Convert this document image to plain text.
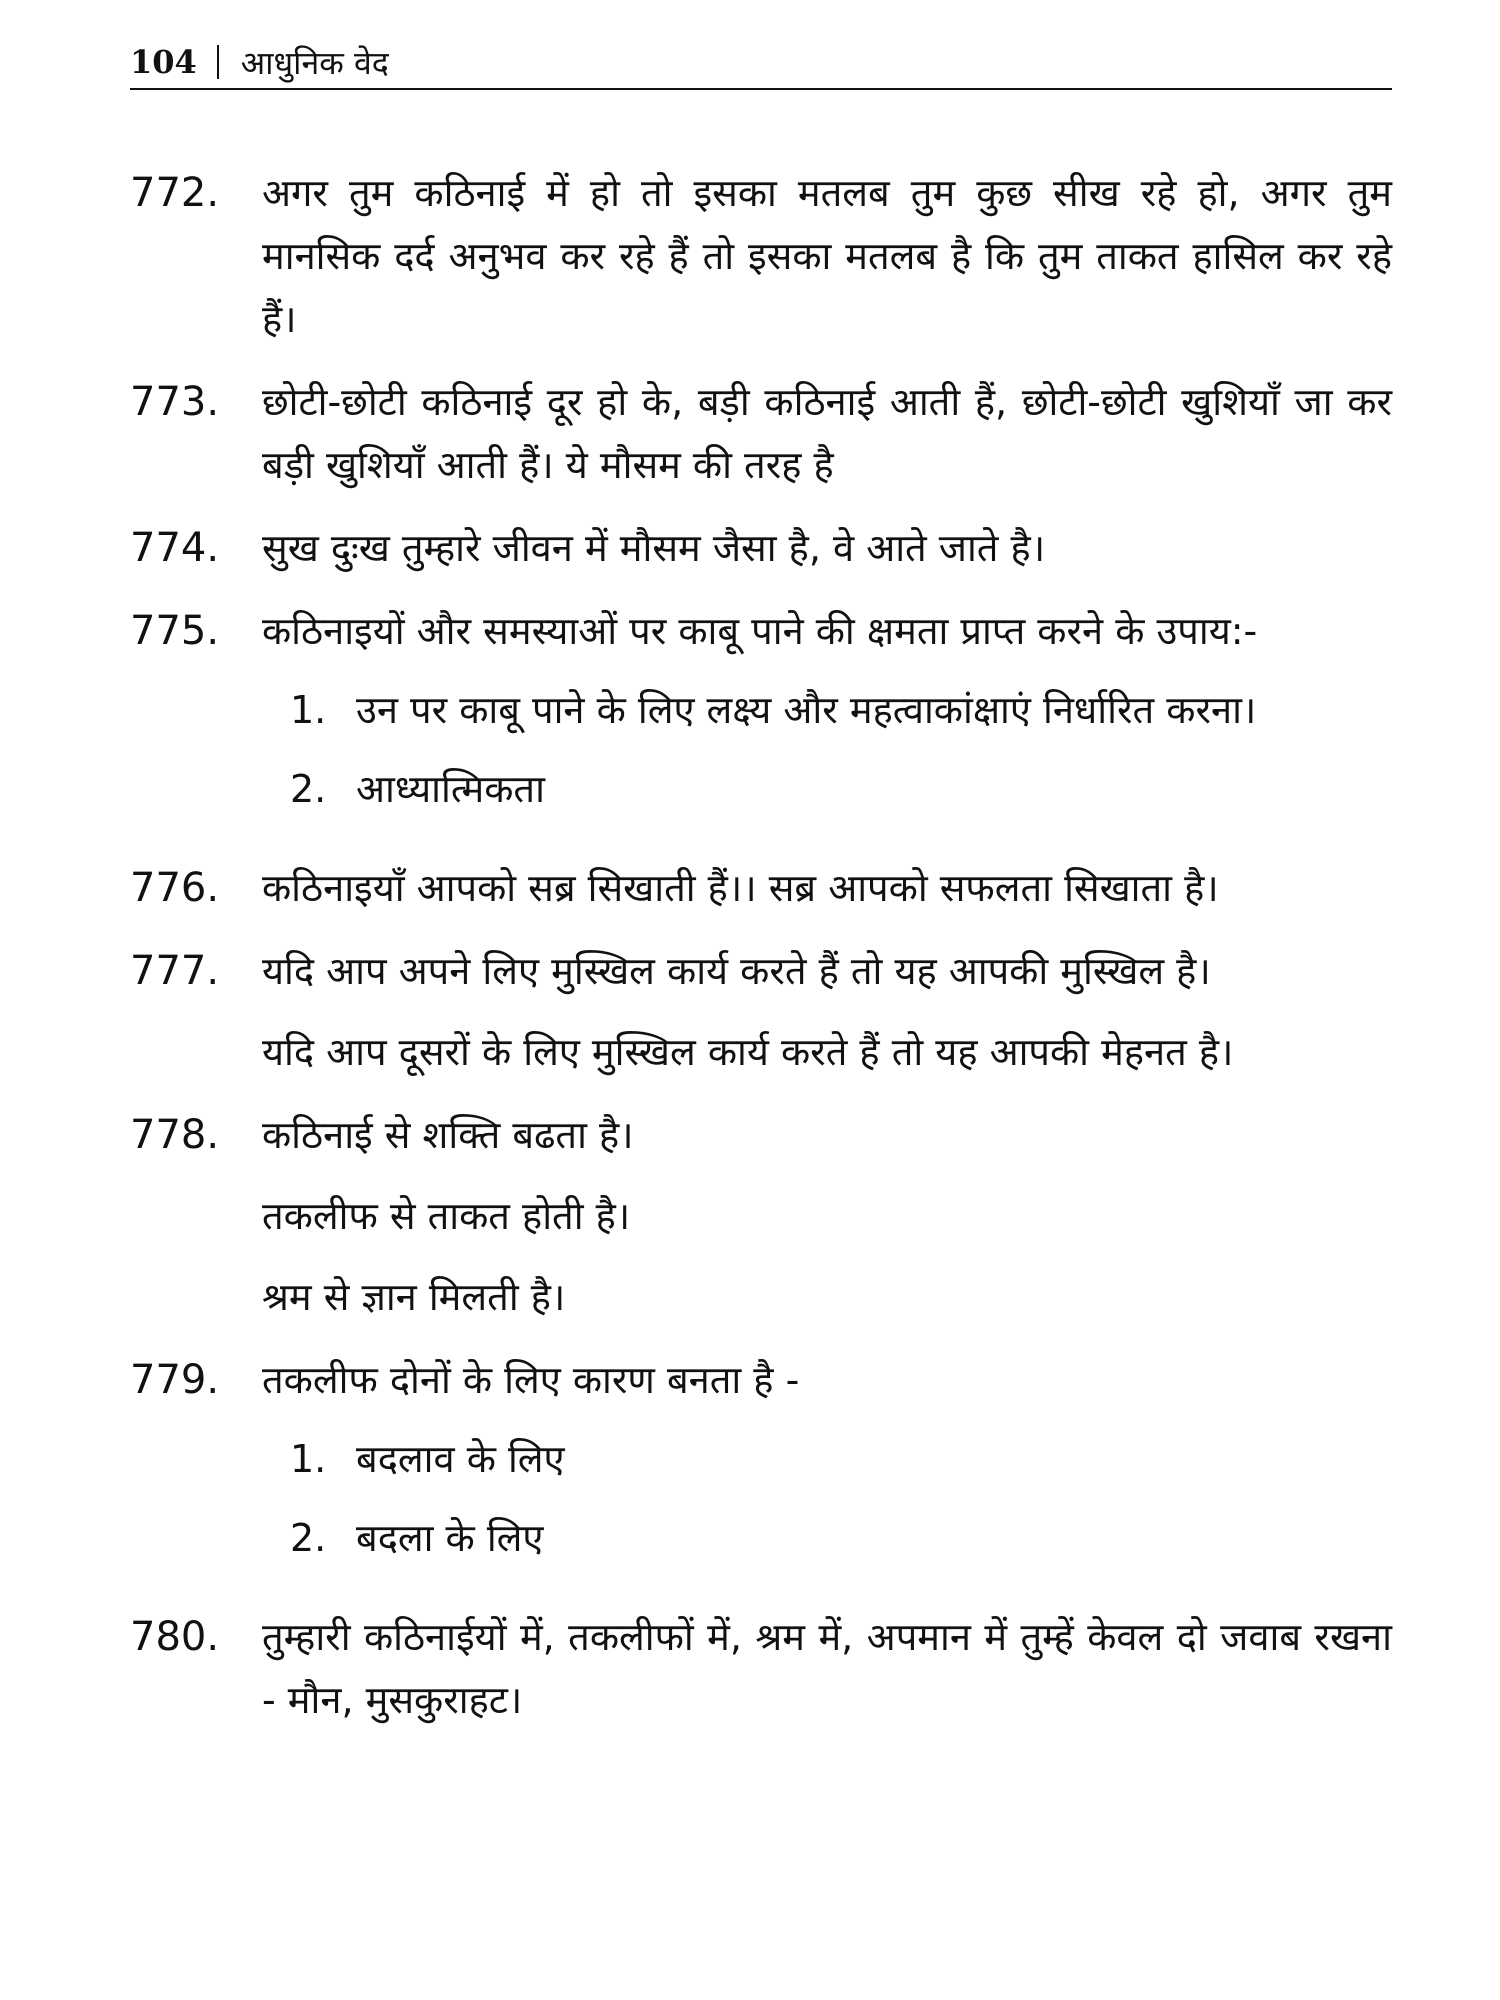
104 आधुनिक वेद
772.	अगर तुम कठिनाई में हो तो इसका मतलब तुम कुछ सीख रहे हो, अगर तुम मानसिक दर्द अनुभव कर रहे हैं तो इसका मतलब है कि तुम ताकत हासिल कर रहे हैं।
773.	छोटी-छोटी कठिनाई दूर हो के, बड़ी कठिनाई आती हैं, छोटी-छोटी खुशियाँ जा कर बड़ी खुशियाँ आती हैं। ये मौसम की तरह है
774.	सुख दुःख तुम्हारे जीवन में मौसम जैसा है, वे आते जाते है।
775.	कठिनाइयों और समस्याओं पर काबू पाने की क्षमता प्राप्त करने के उपाय:-
1. उन पर काबू पाने के लिए लक्ष्य और महत्वाकांक्षाएं निर्धारित करना।
2. आध्यात्मिकता
776.	कठिनाइयाँ आपको सब्र सिखाती हैं।। सब्र आपको सफलता सिखाता है।
777.	यदि आप अपने लिए मुस्खिल कार्य करते हैं तो यह आपकी मुस्खिल है।
यदि आप दूसरों के लिए मुस्खिल कार्य करते हैं तो यह आपकी मेहनत है।
778.	कठिनाई से शक्ति बढता है।
तकलीफ से ताकत होती है।
श्रम से ज्ञान मिलती है।
779.	तकलीफ दोनों के लिए कारण बनता है -
1. बदलाव के लिए
2. बदला के लिए
780.	तुम्हारी कठिनाईयों में, तकलीफों में, श्रम में, अपमान में तुम्हें केवल दो जवाब रखना - मौन, मुसकुराहट।
